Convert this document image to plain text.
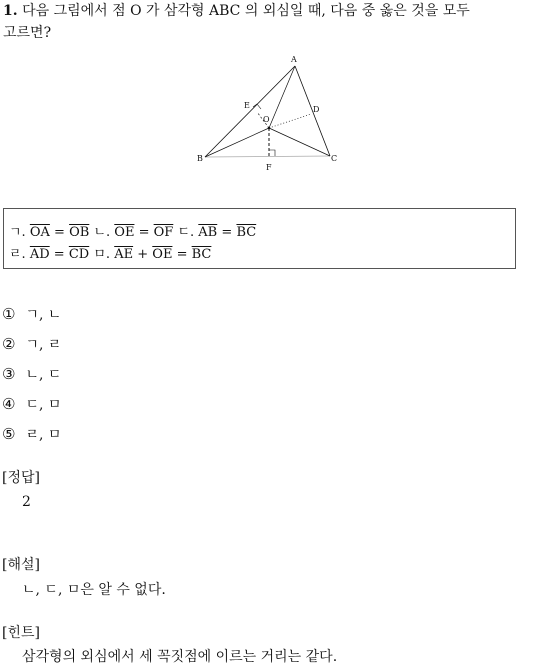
1. 다음 그림에서 점 O 가 삼각형 ABC 의 외심일 때, 다음 중 옳은 것을 모두
고르면?
A
B	C
D
E
F
O
ㄱ. $\overline{OA} = \overline{OB}$ ㄴ. $\overline{OE} = \overline{OF}$ ㄷ. $\overline{AB} = \overline{BC}$
ㄹ. $\overline{AD} = \overline{CD}$ ㅁ. $\overline{AE} + \overline{OE} = \overline{BC}$
① ㄱ, ㄴ
② ㄱ, ㄹ
③ ㄴ, ㄷ
④ ㄷ, ㅁ
⑤ ㄹ, ㅁ
[정답]
2
[해설]
ㄴ, ㄷ, ㅁ은 알 수 없다.
[힌트]
삼각형의 외심에서 세 꼭짓점에 이르는 거리는 같다.
